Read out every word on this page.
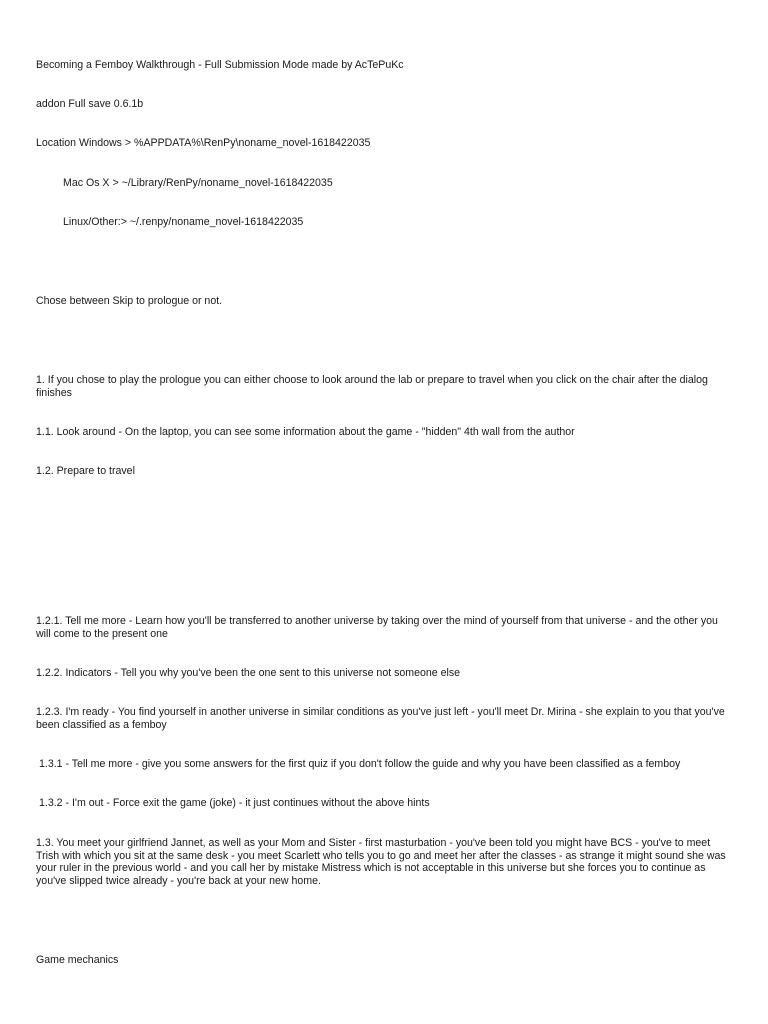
Becoming a Femboy Walkthrough - Full Submission Mode made by AcTePuKc

addon Full save 0.6.1b

Location Windows > %APPDATA%\RenPy\noname_novel-1618422035

Mac Os X > ~/Library/RenPy/noname_novel-1618422035

Linux/Other:> ~/.renpy/noname_novel-1618422035

Chose between Skip to prologue or not.

1. If you chose to play the prologue you can either choose to look around the lab or prepare to travel when you click on the chair after the dialog finishes

1.1. Look around - On the laptop, you can see some information about the game - "hidden" 4th wall from the author

1.2. Prepare to travel

1.2.1. Tell me more - Learn how you'll be transferred to another universe by taking over the mind of yourself from that universe - and the other you will come to the present one

1.2.2. Indicators - Tell you why you've been the one sent to this universe not someone else

1.2.3. I'm ready - You find yourself in another universe in similar conditions as you've just left - you'll meet Dr. Mirina - she explain to you that you've been classified as a femboy

1.3.1 - Tell me more - give you some answers for the first quiz if you don't follow the guide and why you have been classified as a femboy

1.3.2 - I'm out - Force exit the game (joke) - it just continues without the above hints

1.3. You meet your girlfriend Jannet, as well as your Mom and Sister - first masturbation - you've been told you might have BCS - you've to meet Trish with which you sit at the same desk - you meet Scarlett who tells you to go and meet her after the classes - as strange it might sound she was your ruler in the previous world - and you call her by mistake Mistress which is not acceptable in this universe but she forces you to continue as you've slipped twice already - you're back at your new home.

Game mechanics
